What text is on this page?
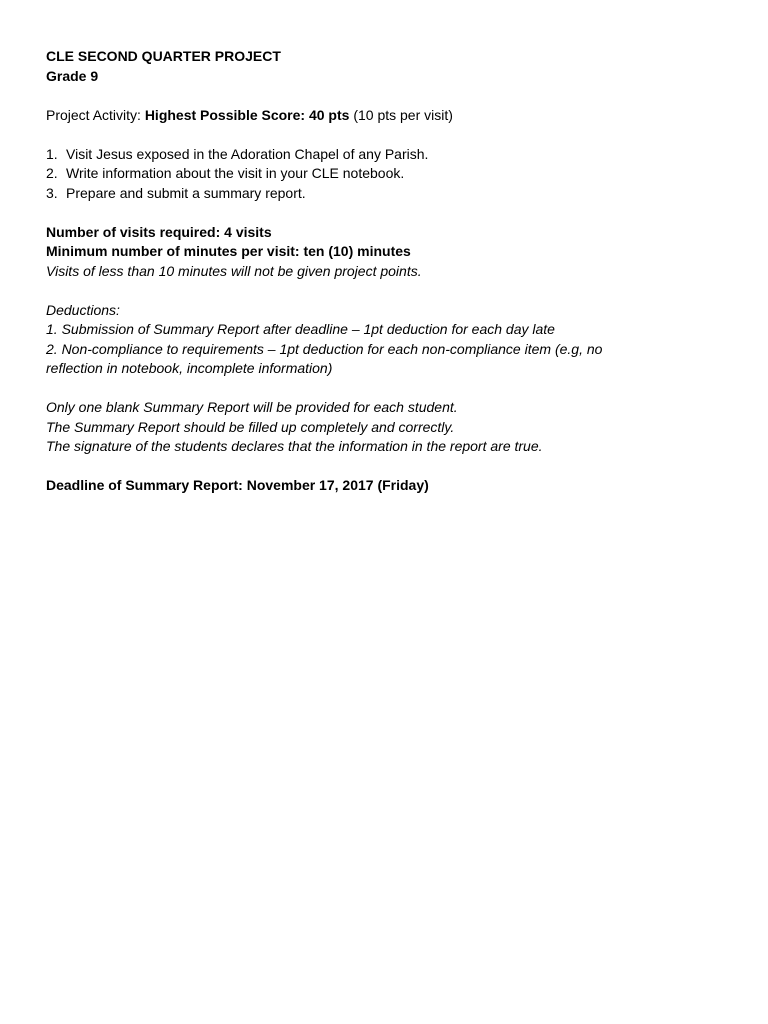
CLE SECOND QUARTER PROJECT
Grade 9
Project Activity: Highest Possible Score: 40 pts (10 pts per visit)
1. Visit Jesus exposed in the Adoration Chapel of any Parish.
2. Write information about the visit in your CLE notebook.
3. Prepare and submit a summary report.
Number of visits required: 4 visits
Minimum number of minutes per visit: ten (10) minutes
Visits of less than 10 minutes will not be given project points.
Deductions:
1. Submission of Summary Report after deadline – 1pt deduction for each day late
2. Non-compliance to requirements – 1pt deduction for each non-compliance item (e.g, no
reflection in notebook, incomplete information)
Only one blank Summary Report will be provided for each student.
The Summary Report should be filled up completely and correctly.
The signature of the students declares that the information in the report are true.
Deadline of Summary Report: November 17, 2017 (Friday)
